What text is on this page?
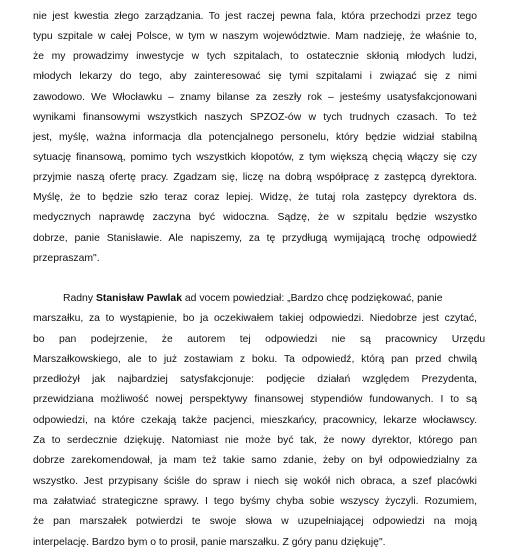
nie jest kwestia złego zarządzania. To jest raczej pewna fala, która przechodzi przez tego
typu szpitale w całej Polsce, w tym w naszym województwie. Mam nadzieję, że właśnie to,
że my prowadzimy inwestycje w tych szpitalach, to ostatecznie skłonią młodych ludzi,
młodych lekarzy do tego, aby zainteresować się tymi szpitalami i związać się z nimi
zawodowo. We Włocławku – znamy bilanse za zeszły rok – jesteśmy usatysfakcjonowani
wynikami finansowymi wszystkich naszych SPZOZ-ów w tych trudnych czasach. To też
jest, myślę, ważna informacja dla potencjalnego personelu, który będzie widział stabilną
sytuację finansową, pomimo tych wszystkich kłopotów, z tym większą chęcią włączy się czy
przyjmie naszą ofertę pracy. Zgadzam się, liczę na dobrą współpracę z zastępcą dyrektora.
Myślę, że to będzie szło teraz coraz lepiej. Widzę, że tutaj rola zastępcy dyrektora ds.
medycznych naprawdę zaczyna być widoczna. Sądzę, że w szpitalu będzie wszystko
dobrze, panie Stanisławie. Ale napiszemy, za tę przydługą wymijającą trochę odpowiedź
przepraszam".
Radny Stanisław Pawlak ad vocem powiedział: „Bardzo chcę podziękować, panie
marszałku, za to wystąpienie, bo ja oczekiwałem takiej odpowiedzi. Niedobrze jest czytać,
bo     pan     podejrzenie,     że     autorem     tej     odpowiedzi     nie     są     pracownicy     Urzędu
Marszałkowskiego, ale to już zostawiam z boku. Ta odpowiedź, którą pan przed chwilą
przedłożył jak najbardziej satysfakcjonuje: podjęcie działań względem Prezydenta,
przewidziana możliwość nowej perspektywy finansowej stypendiów fundowanych. I to są
odpowiedzi, na które czekają także pacjenci, mieszkańcy, pracownicy, lekarze włocławscy.
Za to serdecznie dziękuję. Natomiast nie może być tak, że nowy dyrektor, którego pan
dobrze zarekomendował, ja mam też takie samo zdanie, żeby on był odpowiedzialny za
wszystko. Jest przypisany ściśle do spraw i niech się wokół nich obraca, a szef placówki
ma załatwiać strategiczne sprawy. I tego byśmy chyba sobie wszyscy życzyli. Rozumiem,
że pan marszałek potwierdzi te swoje słowa w uzupełniającej odpowiedzi na moją
interpelację. Bardzo bym o to prosił, panie marszałku. Z góry panu dziękuję".
